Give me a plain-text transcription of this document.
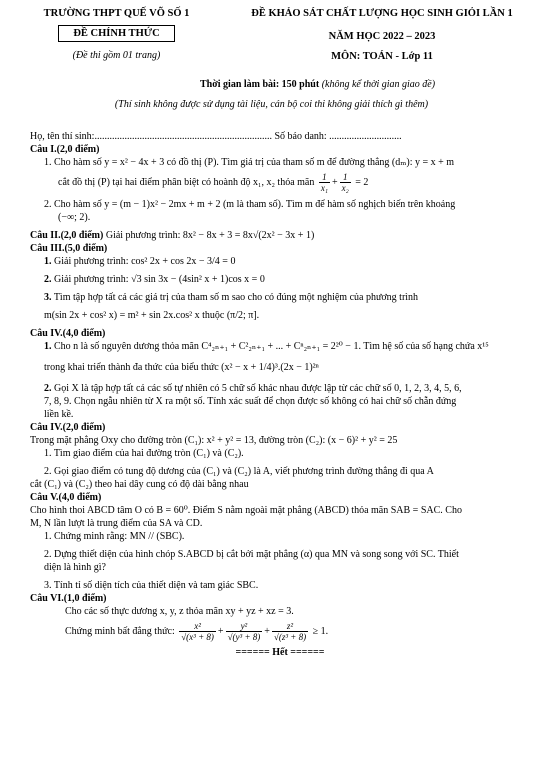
TRƯỜNG THPT QUẾ VÕ SỐ 1
ĐỀ CHÍNH THỨC
(Đề thi gồm 01 trang)
ĐỀ KHẢO SÁT CHẤT LƯỢNG HỌC SINH GIỎI LẦN 1
NĂM HỌC 2022 – 2023
MÔN: TOÁN - Lớp 11
Thời gian làm bài: 150 phút (không kể thời gian giao đề)
(Thí sinh không được sử dụng tài liệu, cán bộ coi thi không giải thích gì thêm)
Họ, tên thí sinh:....................................................................... Số báo danh: .............................
Câu I.(2,0 điểm)
1. Cho hàm số y = x² − 4x + 3 có đồ thị (P). Tìm giá trị của tham số m để đường thẳng (dₘ): y = x + m
cắt đồ thị (P) tại hai điểm phân biệt có hoành độ x₁, x₂ thỏa mãn $\frac{1}{\text{x₁}} + \frac{1}{\text{x₂}} = 2$
2. Cho hàm số y = (m − 1)x² − 2mx + m + 2 (m là tham số). Tìm m để hàm số nghịch biến trên khoảng
(−∞; 2).
Câu II.(2,0 điểm) Giải phương trình: 8x² − 8x + 3 = 8x√(2x² − 3x + 1)
Câu III.(5,0 điểm)
1. Giải phương trình: cos² 2x + cos 2x − 3/4 = 0
2. Giải phương trình: √3 sin 3x − (4sin² x + 1)cos x = 0
3. Tìm tập hợp tất cả các giá trị của tham số m sao cho có đúng một nghiệm của phương trình
m(sin 2x + cos² x) = m² + sin 2x.cos² x thuộc (π/2; π].
Câu IV.(4,0 điểm)
1. Cho n là số nguyên dương thỏa mãn C⁴₂ₙ₊₁ + C²₂ₙ₊₁ + ... + Cⁿ₂ₙ₊₁ = 2²⁰ − 1. Tìm hệ số của số hạng chứa x¹⁵
trong khai triển thành đa thức của biểu thức (x² − x + 1/4)³.(2x − 1)²ⁿ
2. Gọi X là tập hợp tất cả các số tự nhiên có 5 chữ số khác nhau được lập từ các chữ số 0, 1, 2, 3, 4, 5, 6,
7, 8, 9. Chọn ngẫu nhiên từ X ra một số. Tính xác suất để chọn được số không có hai chữ số chẵn đứng
liền kề.
Câu IV.(2,0 điểm)
Trong mặt phẳng Oxy cho đường tròn (C₁): x² + y² = 13, đường tròn (C₂): (x − 6)² + y² = 25
1. Tìm giao điểm của hai đường tròn (C₁) và (C₂).
2. Gọi giao điểm có tung độ dương của (C₁) và (C₂) là A, viết phương trình đường thẳng đi qua A
cắt (C₁) và (C₂) theo hai dây cung có độ dài bằng nhau
Câu V.(4,0 điểm)
Cho hình thoi ABCD tâm O có B = 60⁰. Điểm S nằm ngoài mặt phẳng (ABCD) thỏa mãn SAB = SAC. Cho
M, N lần lượt là trung điểm của SA và CD.
1. Chứng minh rằng: MN // (SBC).
2. Dựng thiết diện của hình chóp S.ABCD bị cắt bởi mặt phẳng (α) qua MN và song song với SC. Thiết
diện là hình gì?
3. Tính tỉ số diện tích của thiết diện và tam giác SBC.
Câu VI.(1,0 điểm)
Cho các số thực dương x, y, z thỏa mãn xy + yz + xz = 3.
Chứng minh bất đẳng thức: $\frac{\text{x²}}{\text{√(x³ + 8)}} + \frac{\text{y²}}{\text{√(y³ + 8)}} + \frac{\text{z²}}{\text{√(z³ + 8)}} \ge 1$.
====== Hết ======
